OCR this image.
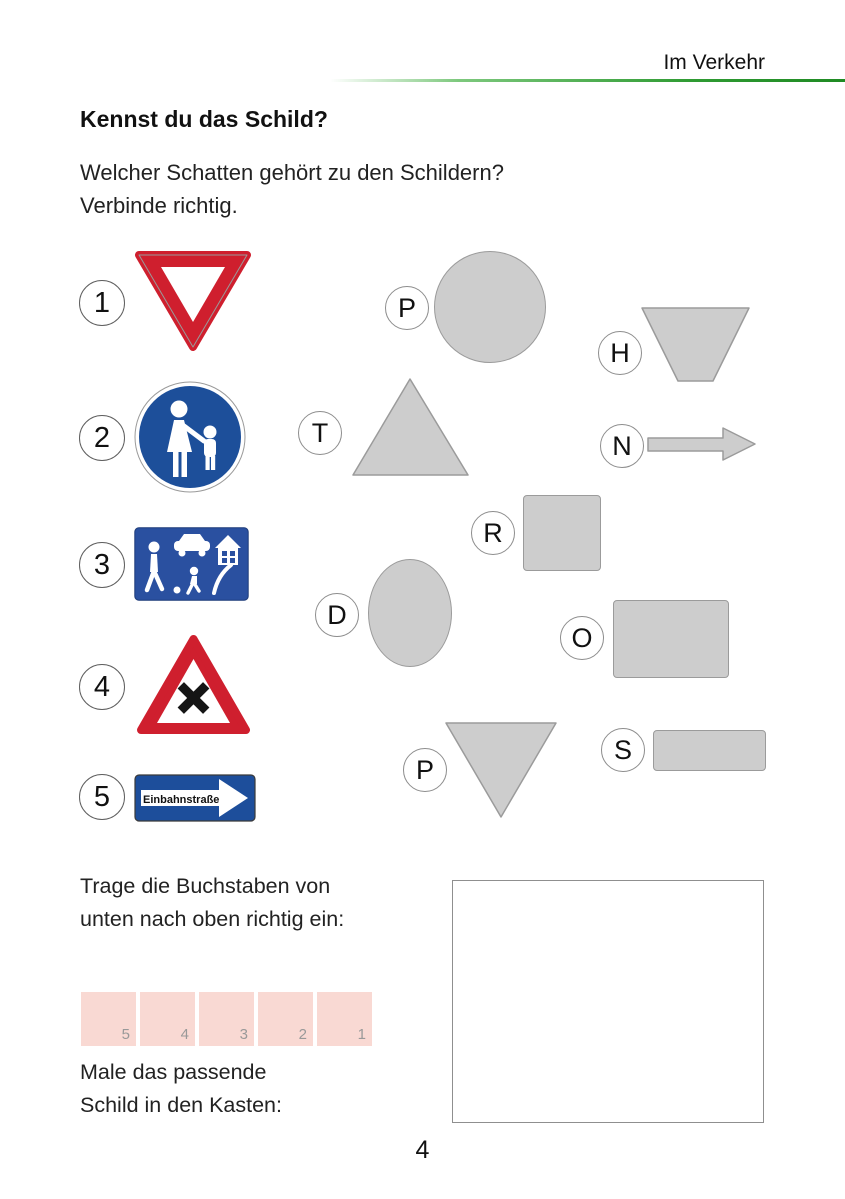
Im Verkehr
Kennst du das Schild?
Welcher Schatten gehört zu den Schildern?
Verbinde richtig.
1
2
3
4
5	Einbahnstraße
P
H
T	N
R
D
O
P
S
Trage die Buchstaben von
unten nach oben richtig ein:
5	4	3	2	1
Male das passende
Schild in den Kasten:
4
